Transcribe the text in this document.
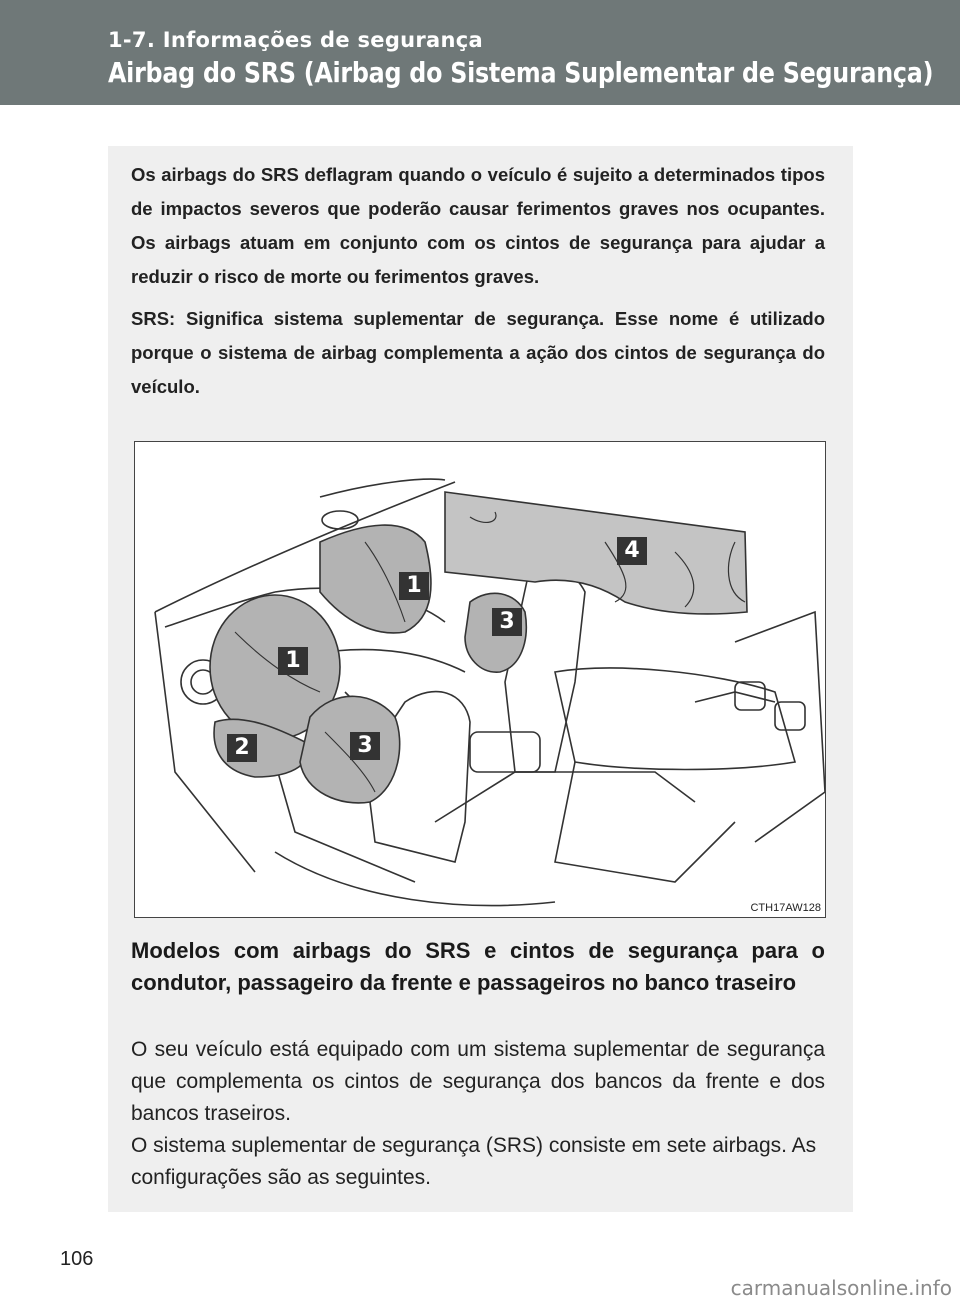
1-7. Informações de segurança
Airbag do SRS (Airbag do Sistema Suplementar de Segurança)

Os airbags do SRS deflagram quando o veículo é sujeito a determinados tipos de impactos severos que poderão causar ferimentos graves nos ocupantes. Os airbags atuam em conjunto com os cintos de segurança para ajudar a reduzir o risco de morte ou ferimentos graves.

SRS: Significa sistema suplementar de segurança. Esse nome é utilizado porque o sistema de airbag complementa a ação dos cintos de segurança do veículo.

1
1
2	3
3
4
CTH17AW128
Modelos com airbags do SRS e cintos de segurança para o condutor, passageiro da frente e passageiros no banco traseiro
O seu veículo está equipado com um sistema suplementar de segurança que complementa os cintos de segurança dos bancos da frente e dos bancos traseiros.
O sistema suplementar de segurança (SRS) consiste em sete airbags. As configurações são as seguintes.
106
carmanualsonline.info
